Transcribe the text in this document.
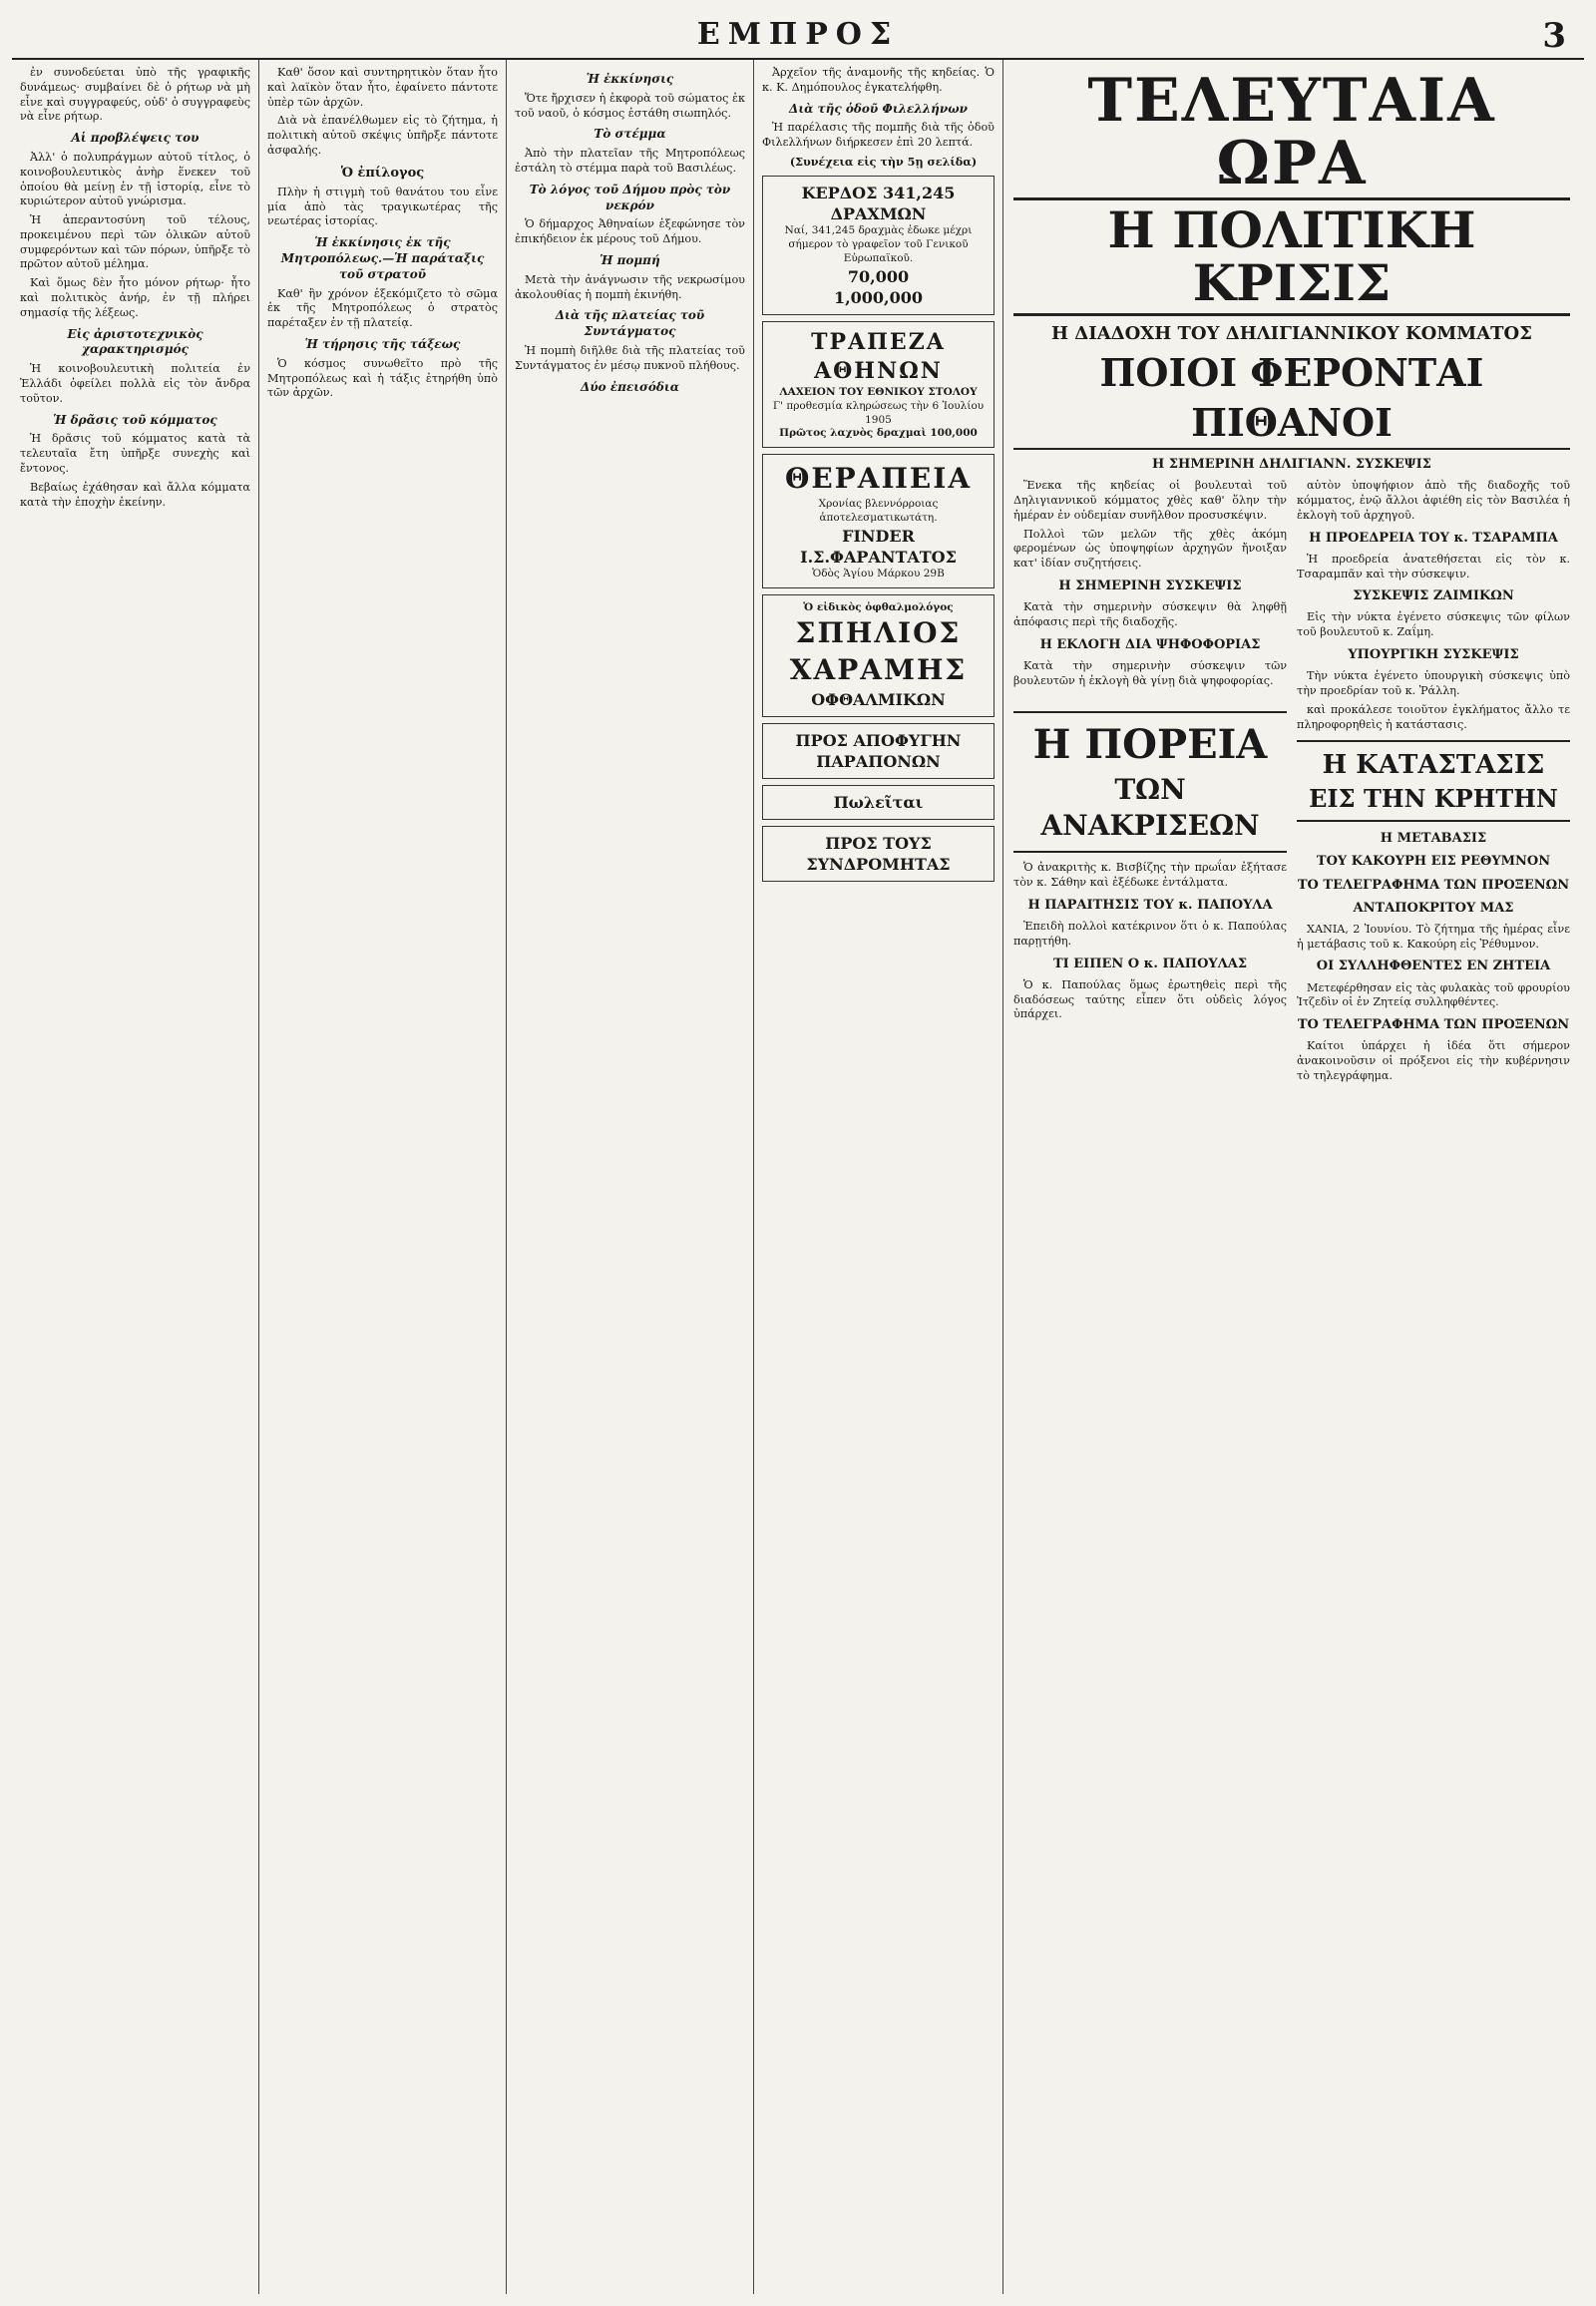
ΕΜΠΡΟΣ	3

ἐν συνοδεύεται ὑπὸ τῆς γραφικῆς δυνάμεως· συμβαίνει δὲ ὁ ρήτωρ νὰ μὴ εἶνε καὶ συγγραφεύς, οὐδ' ὁ συγγραφεὺς νὰ εἶνε ρήτωρ.

Αἱ προβλέψεις του

Ἀλλ' ὁ πολυπράγμων αὐτοῦ τίτλος, ὁ κοινοβουλευτικὸς ἀνὴρ ἕνεκεν τοῦ ὁποίου θὰ μείνῃ ἐν τῇ ἱστορίᾳ, εἶνε τὸ κυριώτερον αὐτοῦ γνώρισμα.

Ἡ ἀπεραντοσύνη τοῦ τέλους, προκειμένου περὶ τῶν ὁλικῶν αὐτοῦ συμφερόντων καὶ τῶν πόρων, ὑπῆρξε τὸ πρῶτον αὐτοῦ μέλημα.

Καὶ ὅμως δὲν ἦτο μόνον ρήτωρ· ἦτο καὶ πολιτικὸς ἀνήρ, ἐν τῇ πλήρει σημασίᾳ τῆς λέξεως.

Εἰς ἀριστοτεχνικὸς χαρακτηρισμός

Ἡ κοινοβουλευτικὴ πολιτεία ἐν Ἑλλάδι ὀφείλει πολλὰ εἰς τὸν ἄνδρα τοῦτον.

Ἡ δρᾶσις τοῦ κόμματος

Ἡ δρᾶσις τοῦ κόμματος κατὰ τὰ τελευταῖα ἔτη ὑπῆρξε συνεχὴς καὶ ἔντονος.

Βεβαίως ἐχάθησαν καὶ ἄλλα κόμματα κατὰ τὴν ἐποχὴν ἐκείνην.

Καθ' ὅσον καὶ συντηρητικὸν ὅταν ἦτο καὶ λαϊκὸν ὅταν ἦτο, ἐφαίνετο πάντοτε ὑπὲρ τῶν ἀρχῶν.

Διὰ νὰ ἐπανέλθωμεν εἰς τὸ ζήτημα, ἡ πολιτικὴ αὐτοῦ σκέψις ὑπῆρξε πάντοτε ἀσφαλής.

Ὁ ἐπίλογος

Πλὴν ἡ στιγμὴ τοῦ θανάτου του εἶνε μία ἀπὸ τὰς τραγικωτέρας τῆς νεωτέρας ἱστορίας.

Ἡ ἐκκίνησις ἐκ τῆς Μητροπόλεως.—Ἡ παράταξις τοῦ στρατοῦ

Καθ' ἣν χρόνον ἐξεκόμιζετο τὸ σῶμα ἐκ τῆς Μητροπόλεως ὁ στρατὸς παρέταξεν ἐν τῇ πλατείᾳ.

Ἡ τήρησις τῆς τάξεως

Ὁ κόσμος συνωθεῖτο πρὸ τῆς Μητροπόλεως καὶ ἡ τάξις ἐτηρήθη ὑπὸ τῶν ἀρχῶν.

Ἡ ἐκκίνησις

Ὅτε ἤρχισεν ἡ ἐκφορὰ τοῦ σώματος ἐκ τοῦ ναοῦ, ὁ κόσμος ἐστάθη σιωπηλός.

Τὸ στέμμα

Ἀπὸ τὴν πλατεῖαν τῆς Μητροπόλεως ἐστάλη τὸ στέμμα παρὰ τοῦ Βασιλέως.

Τὸ λόγος τοῦ Δήμου πρὸς τὸν νεκρόν

Ὁ δήμαρχος Ἀθηναίων ἐξεφώνησε τὸν ἐπικήδειον ἐκ μέρους τοῦ Δήμου.

Ἡ πομπή

Μετὰ τὴν ἀνάγνωσιν τῆς νεκρωσίμου ἀκολουθίας ἡ πομπὴ ἐκινήθη.

Διὰ τῆς πλατείας τοῦ Συντάγματος

Ἡ πομπὴ διῆλθε διὰ τῆς πλατείας τοῦ Συντάγματος ἐν μέσῳ πυκνοῦ πλήθους.

Δύο ἐπεισόδια

Ἀρχεῖον τῆς ἀναμονῆς τῆς κηδείας. Ὁ κ. Κ. Δημόπουλος ἐγκατελήφθη.

Διὰ τῆς ὁδοῦ Φιλελλήνων

Ἡ παρέλασις τῆς πομπῆς διὰ τῆς ὁδοῦ Φιλελλήνων διήρκεσεν ἐπὶ 20 λεπτά.

(Συνέχεια εἰς τὴν 5ῃ σελίδα)

ΚΕΡΔΟΣ 341,245 ΔΡΑΧΜΩΝ
Ναί, 341,245 δραχμὰς ἐδωκε μέχρι σήμερον τὸ γραφεῖον τοῦ Γενικοῦ Εὐρωπαϊκοῦ.
70,000
1,000,000
ΤΡΑΠΕΖΑ ΑΘΗΝΩΝ
ΛΑΧΕΙΟΝ ΤΟΥ ΕΘΝΙΚΟΥ ΣΤΟΛΟΥ
Γ' προθεσμία κληρώσεως τὴν 6 Ἰουλίου 1905
Πρῶτος λαχνὸς δραχμαὶ 100,000
ΘΕΡΑΠΕΙΑ
Χρονίας βλεννόρροιας ἀποτελεσματικωτάτη.
FINDER
Ι.Σ.ΦΑΡΑΝΤΑΤΟΣ
Ὁδὸς Ἁγίου Μάρκου 29Β
Ὁ εἰδικὸς ὀφθαλμολόγος
ΣΠΗΛΙΟΣ
ΧΑΡΑΜΗΣ
ΟΦΘΑΛΜΙΚΩΝ
ΠΡΟΣ ΑΠΟΦΥΓΗΝ
ΠΑΡΑΠΟΝΩΝ
Πωλεῖται
ΠΡΟΣ ΤΟΥΣ ΣΥΝΔΡΟΜΗΤΑΣ
ΤΕΛΕΥΤΑΙΑ ΩΡΑ
Η ΠΟΛΙΤΙΚΗ ΚΡΙΣΙΣ
Η ΔΙΑΔΟΧΗ ΤΟΥ ΔΗΛΙΓΙΑΝΝΙΚΟΥ ΚΟΜΜΑΤΟΣ
ΠΟΙΟΙ ΦΕΡΟΝΤΑΙ ΠΙΘΑΝΟΙ
Η ΣΗΜΕΡΙΝΗ ΔΗΛΙΓΙΑΝΝ. ΣΥΣΚΕΨΙΣ

Ἕνεκα τῆς κηδείας οἱ βουλευταὶ τοῦ Δηλιγιαννικοῦ κόμματος χθὲς καθ' ὅλην τὴν ἡμέραν ἐν οὐδεμίαν συνῆλθον προσυσκέψιν.

Πολλοὶ τῶν μελῶν τῆς χθὲς ἀκόμη φερομένων ὡς ὑποψηφίων ἀρχηγῶν ἤνοιξαν κατ' ἰδίαν συζητήσεις.

Η ΣΗΜΕΡΙΝΗ ΣΥΣΚΕΨΙΣ

Κατὰ τὴν σημερινὴν σύσκεψιν θὰ ληφθῇ ἀπόφασις περὶ τῆς διαδοχῆς.

Η ΕΚΛΟΓΗ ΔΙΑ ΨΗΦΟΦΟΡΙΑΣ

Κατὰ τὴν σημερινὴν σύσκεψιν τῶν βουλευτῶν ἡ ἐκλογὴ θὰ γίνῃ διὰ ψηφοφορίας.

αὐτὸν ὑποψήφιον ἀπὸ τῆς διαδοχῆς τοῦ κόμματος, ἐνῷ ἄλλοι ἀφιέθη εἰς τὸν Βασιλέα ἡ ἐκλογὴ τοῦ ἀρχηγοῦ.

Η ΠΡΟΕΔΡΕΙΑ ΤΟΥ κ. ΤΣΑΡΑΜΠΑ

Ἡ προεδρεία ἀνατεθήσεται εἰς τὸν κ. Τσαραμπᾶν καὶ τὴν σύσκεψιν.

ΣΥΣΚΕΨΙΣ ΖΑΙΜΙΚΩΝ

Εἰς τὴν νύκτα ἐγένετο σύσκεψις τῶν φίλων τοῦ βουλευτοῦ κ. Ζαΐμη.

ΥΠΟΥΡΓΙΚΗ ΣΥΣΚΕΨΙΣ

Τὴν νύκτα ἐγένετο ὑπουργικὴ σύσκεψις ὑπὸ τὴν προεδρίαν τοῦ κ. Ῥάλλη.

Η ΠΟΡΕΙΑ
ΤΩΝ ΑΝΑΚΡΙΣΕΩΝ

Ὁ ἀνακριτὴς κ. Βισβίζης τὴν πρωΐαν ἐξήτασε τὸν κ. Σάθην καὶ ἐξέδωκε ἐντάλματα.

Η ΠΑΡΑΙΤΗΣΙΣ ΤΟΥ κ. ΠΑΠΟΥΛΑ

Ἐπειδὴ πολλοὶ κατέκρινον ὅτι ὁ κ. Παπούλας παρῃτήθη.

ΤΙ ΕΙΠΕΝ Ο κ. ΠΑΠΟΥΛΑΣ

Ὁ κ. Παπούλας ὅμως ἐρωτηθεὶς περὶ τῆς διαδόσεως ταύτης εἶπεν ὅτι οὐδεὶς λόγος ὑπάρχει.

καὶ προκάλεσε τοιοῦτον ἐγκλήματος ἄλλο τε πληροφορηθεὶς ἡ κατάστασις.

Η ΚΑΤΑΣΤΑΣΙΣ
ΕΙΣ ΤΗΝ ΚΡΗΤΗΝ
Η ΜΕΤΑΒΑΣΙΣ
ΤΟΥ ΚΑΚΟΥΡΗ ΕΙΣ ΡΕΘΥΜΝΟΝ
ΤΟ ΤΕΛΕΓΡΑΦΗΜΑ ΤΩΝ ΠΡΟΞΕΝΩΝ
ΑΝΤΑΠΟΚΡΙΤΟΥ ΜΑΣ

ΧΑΝΙΑ, 2 Ἰουνίου. Τὸ ζήτημα τῆς ἡμέρας εἶνε ἡ μετάβασις τοῦ κ. Κακούρη εἰς Ῥέθυμνον.

ΟΙ ΣΥΛΛΗΦΘΕΝΤΕΣ ΕΝ ΖΗΤΕΙΑ

Μετεφέρθησαν εἰς τὰς φυλακὰς τοῦ φρουρίου Ἰτζεδὶν οἱ ἐν Ζητείᾳ συλληφθέντες.

ΤΟ ΤΕΛΕΓΡΑΦΗΜΑ ΤΩΝ ΠΡΟΞΕΝΩΝ

Καίτοι ὑπάρχει ἡ ἰδέα ὅτι σήμερον ἀνακοινοῦσιν οἱ πρόξενοι εἰς τὴν κυβέρνησιν τὸ τηλεγράφημα.
